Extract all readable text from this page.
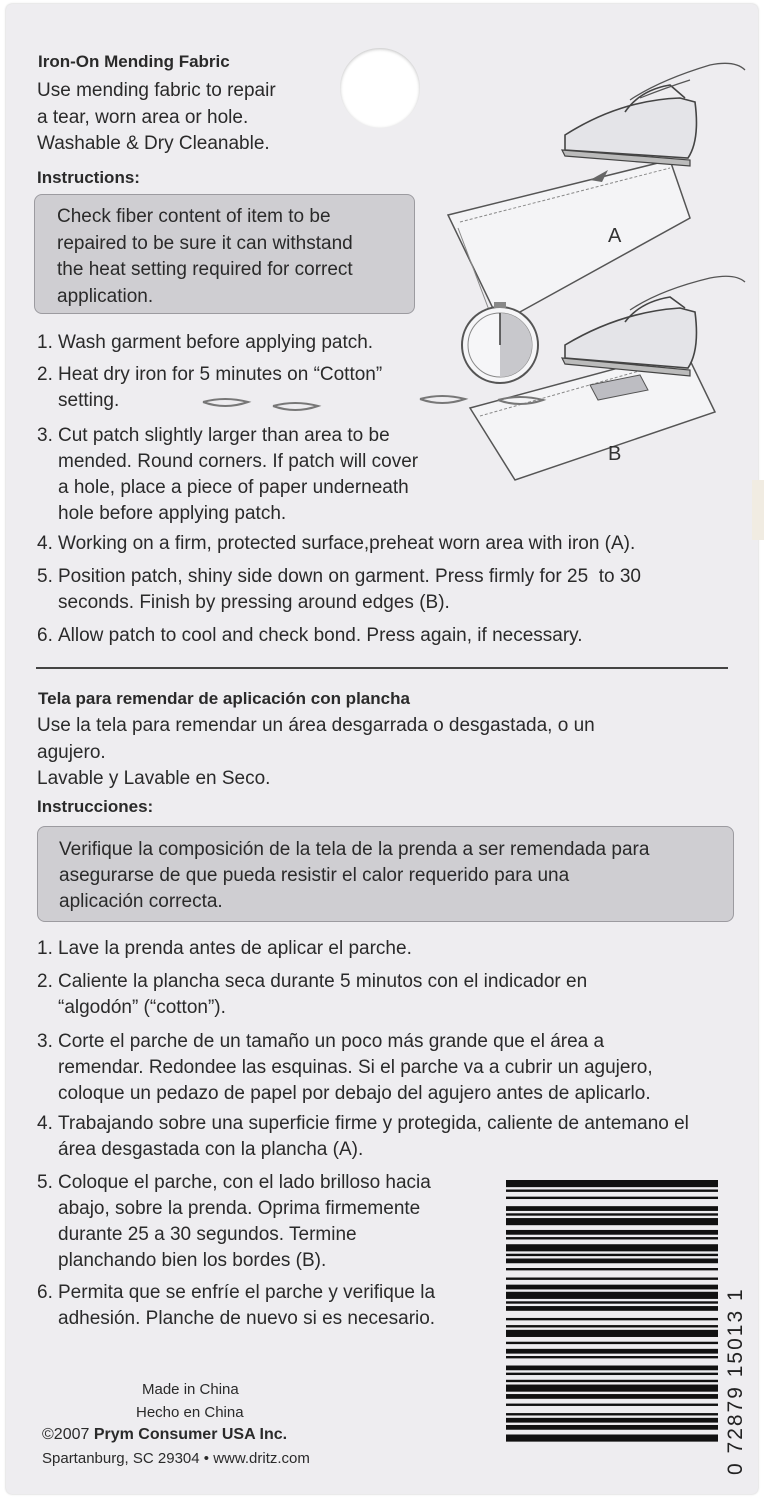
Iron-On Mending Fabric
Use mending fabric to repair
a tear, worn area or hole.
Washable & Dry Cleanable.
Instructions:
Check fiber content of item to be
repaired to be sure it can withstand
the heat setting required for correct
application.
1. Wash garment before applying patch.
2. Heat dry iron for 5 minutes on “Cotton”
setting.
3. Cut patch slightly larger than area to be
mended. Round corners. If patch will cover
a hole, place a piece of paper underneath
hole before applying patch.
4. Working on a firm, protected surface,preheat worn area with iron (A).
5. Position patch, shiny side down on garment. Press firmly for 25  to 30
seconds. Finish by pressing around edges (B).
6. Allow patch to cool and check bond. Press again, if necessary.
A
B
Tela para remendar de aplicación con plancha
Use la tela para remendar un área desgarrada o desgastada, o un
agujero.
Lavable y Lavable en Seco.
Instrucciones:
Verifique la composición de la tela de la prenda a ser remendada para
asegurarse de que pueda resistir el calor requerido para una
aplicación correcta.
1. Lave la prenda antes de aplicar el parche.
2. Caliente la plancha seca durante 5 minutos con el indicador en
“algodón” (“cotton”).
3. Corte el parche de un tamaño un poco más grande que el área a
remendar. Redondee las esquinas. Si el parche va a cubrir un agujero,
coloque un pedazo de papel por debajo del agujero antes de aplicarlo.
4. Trabajando sobre una superficie firme y protegida, caliente de antemano el
área desgastada con la plancha (A).
5. Coloque el parche, con el lado brilloso hacia
abajo, sobre la prenda. Oprima firmemente
durante 25 a 30 segundos. Termine
planchando bien los bordes (B).
6. Permita que se enfríe el parche y verifique la
adhesión. Planche de nuevo si es necesario.
Made in China
Hecho en China
©2007 Prym Consumer USA Inc.
Spartanburg, SC 29304 • www.dritz.com	0 72879 15013 1
